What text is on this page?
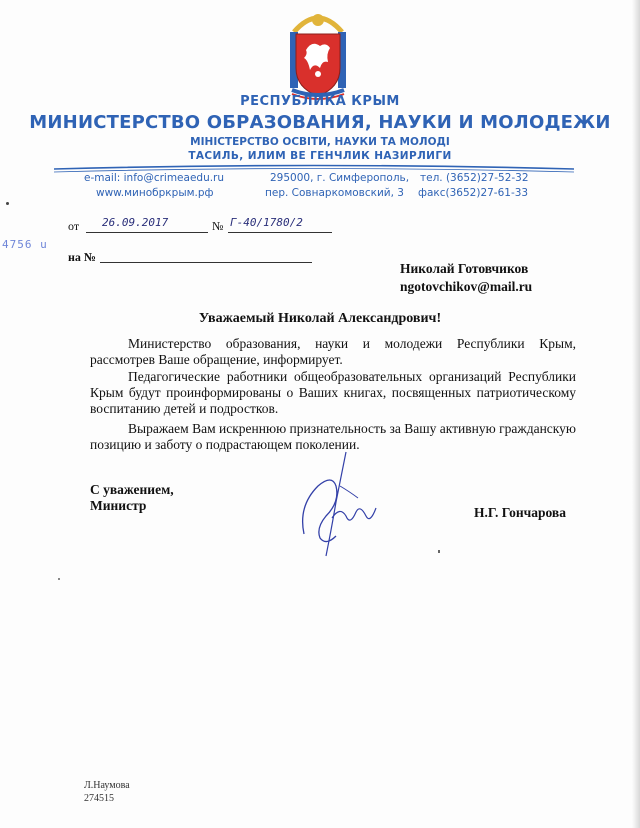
РЕСПУБЛИКА КРЫМ
МИНИСТЕРСТВО ОБРАЗОВАНИЯ, НАУКИ И МОЛОДЕЖИ
МІНІСТЕРСТВО ОСВІТИ, НАУКИ ТА МОЛОДІ
ТАСИЛЬ, ИЛИМ ВЕ ГЕНЧЛИК НАЗИРЛИГИ
e-mail: info@crimeaedu.ru
www.минобркрым.рф
295000, г. Симферополь,
пер. Совнаркомовский, 3
тел. (3652)27-52-32
факс(3652)27-61-33
от 26.09.2017	№ Г-40/1780/2
4756 u
на №
Николай Готовчиков
ngotovchikov@mail.ru
Уважаемый Николай Александрович!
Министерство образования, науки и молодежи Республики Крым, рассмотрев Ваше обращение, информирует.
Педагогические работники общеобразовательных организаций Республики Крым будут проинформированы о Ваших книгах, посвященных патриотическому воспитанию детей и подростков.
Выражаем Вам искреннюю признательность за Вашу активную гражданскую позицию и заботу о подрастающем поколении.
С уважением,
Министр	Н.Г. Гончарова
Л.Наумова
274515
